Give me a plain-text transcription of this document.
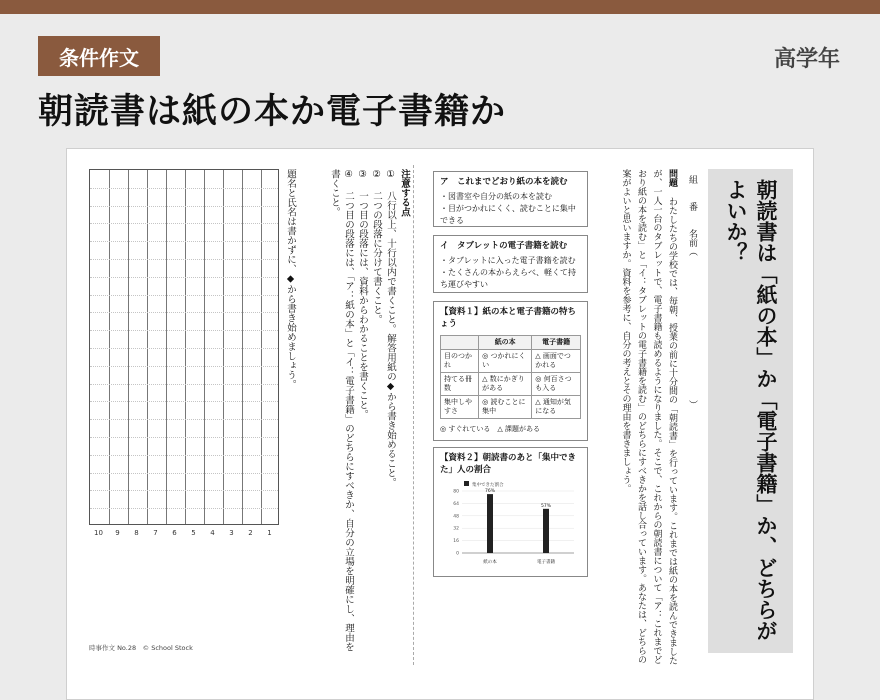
条件作文	高学年
朝読書は紙の本か電子書籍か
朝読書は「紙の本」か「電子書籍」か、どちらがよいか？
組　　番　　名前（　　　　　　　　　　　　　　　　）
問題 わたしたちの学校では、毎朝、授業の前に十分間の「朝読書」を行っています。これまでは紙の本を読んできましたが、一人一台のタブレットで、電子書籍も読めるようになりました。そこで、これからの朝読書について「ア：これまでどおり紙の本を読む」と「イ：タブレットの電子書籍を読む」のどちらにすべきかを話し合っています。あなたは、どちらの案がよいと思いますか。資料を参考に、自分の考えとその理由を書きましょう。
ア　これまでどおり紙の本を読む
・図書室や自分の紙の本を読む
・目がつかれにくく、読むことに集中できる
イ　タブレットの電子書籍を読む
・タブレットに入った電子書籍を読む
・たくさんの本からえらべ、軽くて持ち運びやすい
【資料１】紙の本と電子書籍の特ちょう
	紙の本	電子書籍
目のつかれ	◎ つかれにくい	△ 画面でつかれる
持てる冊数	△ 数にかぎりがある	◎ 何百さつも入る
集中しやすさ	◎ 読むことに集中	△ 通知が気になる
◎ すぐれている　△ 課題がある
【資料２】朝読書のあと「集中できた」人の割合
集中できた割合
0
16
32
48
64
80	76%
紙の本
57%
電子書籍
注意する点
① 八行以上、十行以内で書くこと。解答用紙の◆から書き始めること。
② 二つの段落に分けて書くこと。
③ 一つ目の段落には、資料からわかることを書くこと。
④ 二つ目の段落には、「ア：紙の本」と「イ：電子書籍」のどちらにすべきか、自分の立場を明確にし、理由を書くこと。
題名と氏名は書かずに、◆から書き始めましょう。
1
2
3
4
5
6
7
8
9
10
時事作文 No.28　© School Stock
